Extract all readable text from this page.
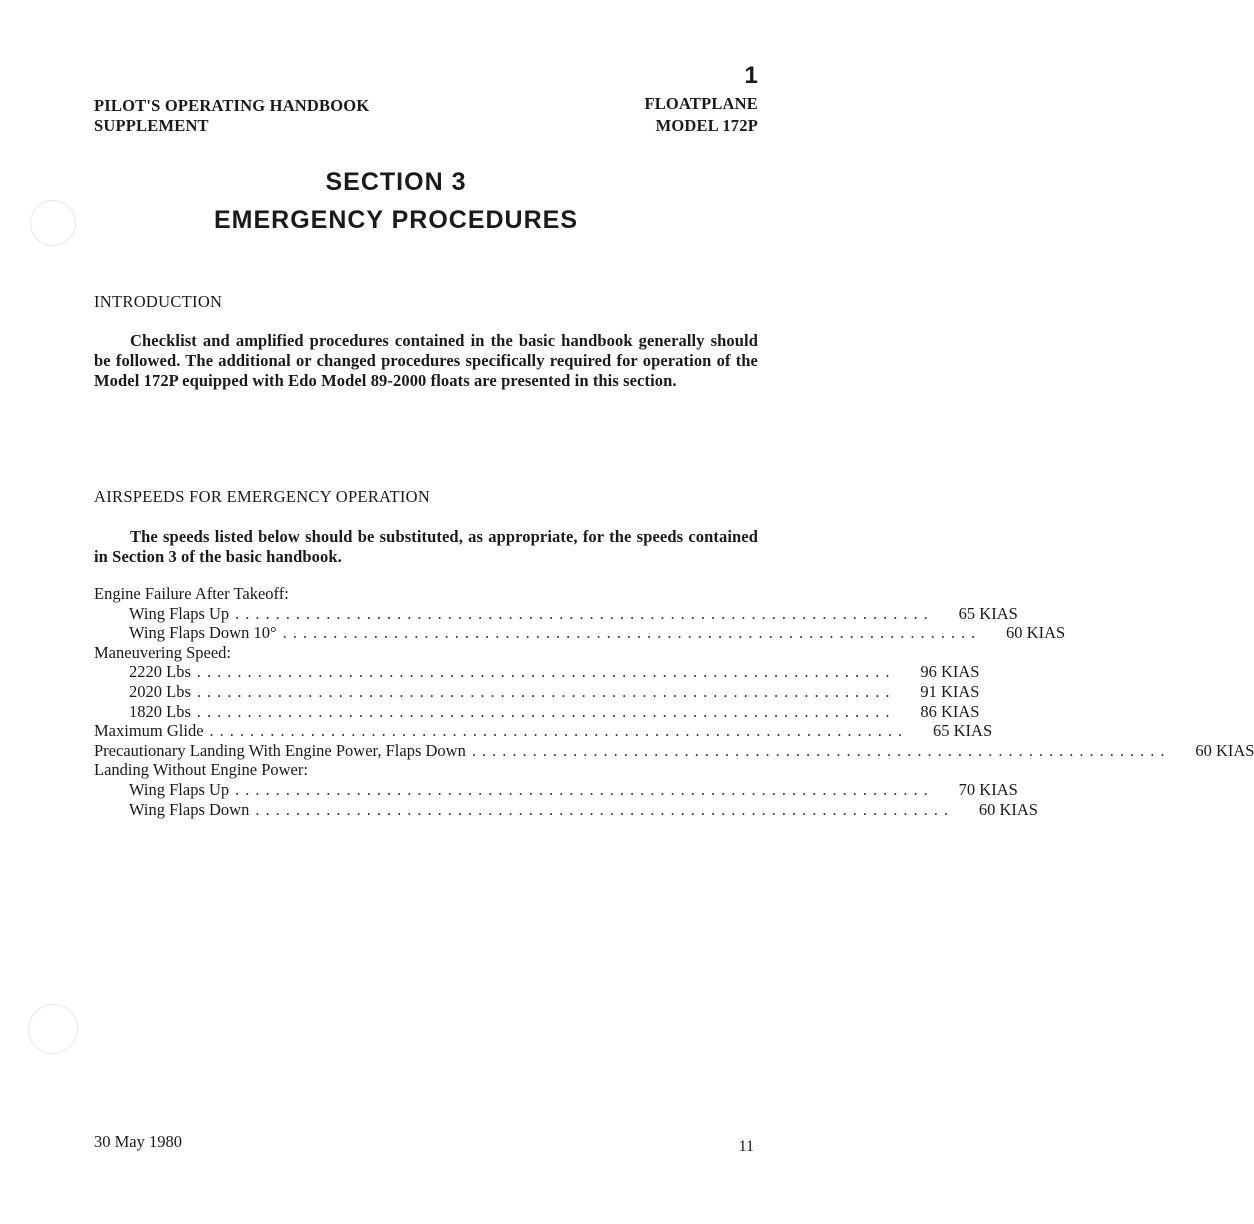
1
PILOT'S OPERATING HANDBOOK
SUPPLEMENT
FLOATPLANE
MODEL 172P
SECTION 3
EMERGENCY PROCEDURES
INTRODUCTION

Checklist and amplified procedures contained in the basic handbook generally should be followed. The additional or changed procedures specifically required for operation of the Model 172P equipped with Edo Model 89-2000 floats are presented in this section.

AIRSPEEDS FOR EMERGENCY OPERATION

The speeds listed below should be substituted, as appropriate, for the speeds contained in Section 3 of the basic handbook.

Engine Failure After Takeoff:
Wing Flaps Up .....................................................................	65 KIAS
Wing Flaps Down 10° .....................................................................	60 KIAS
Maneuvering Speed:
2220 Lbs .....................................................................	96 KIAS
2020 Lbs .....................................................................	91 KIAS
1820 Lbs .....................................................................	86 KIAS
Maximum Glide .....................................................................	65 KIAS
Precautionary Landing With Engine Power, Flaps Down .....................................................................	60 KIAS
Landing Without Engine Power:
Wing Flaps Up .....................................................................	70 KIAS
Wing Flaps Down .....................................................................	60 KIAS
30 May 1980	11
